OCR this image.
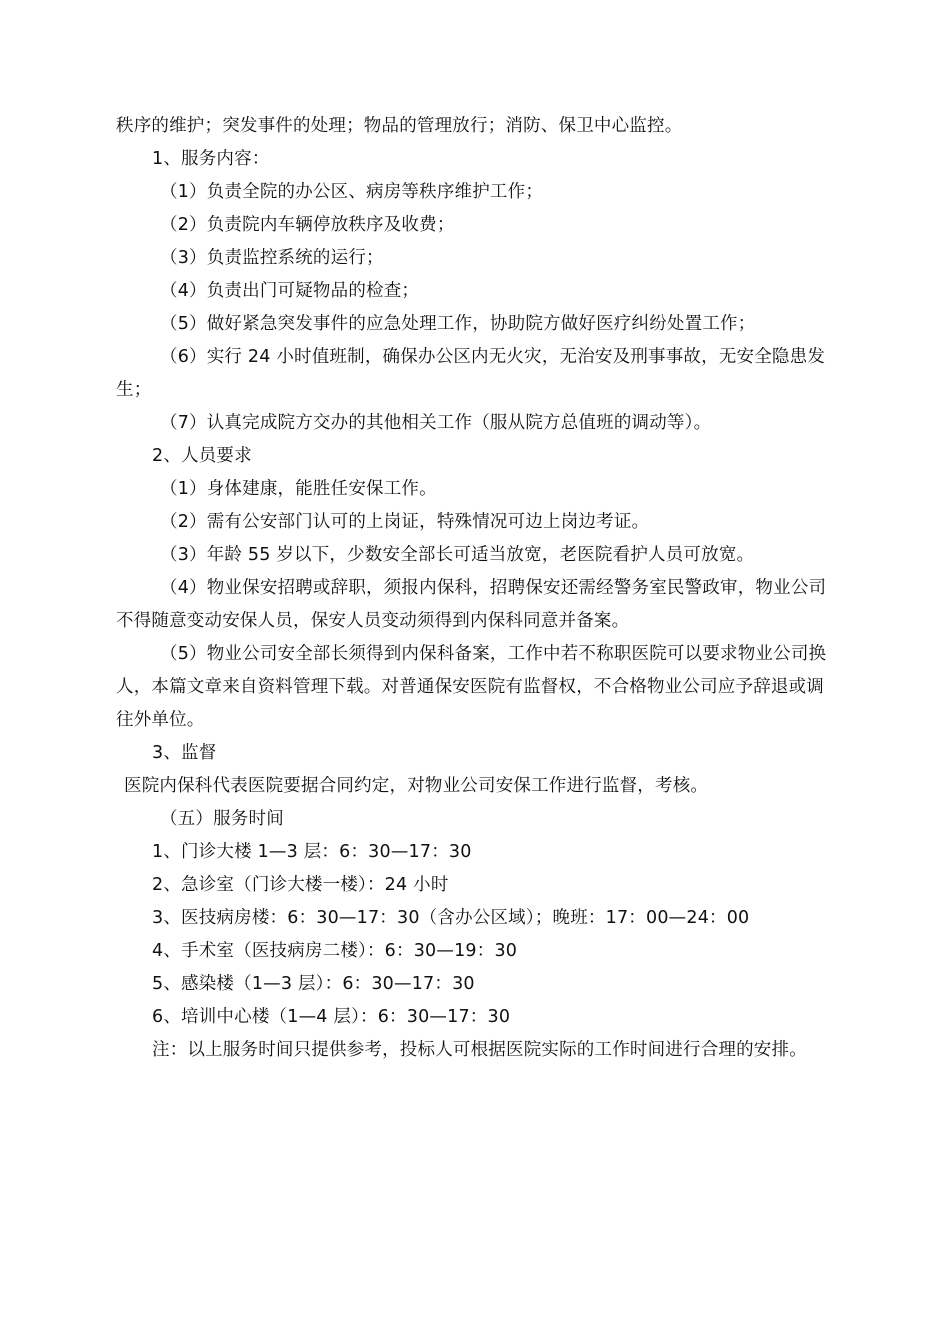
秩序的维护；突发事件的处理；物品的管理放行；消防、保卫中心监控。

1、服务内容：

（1）负责全院的办公区、病房等秩序维护工作；

（2）负责院内车辆停放秩序及收费；

（3）负责监控系统的运行；

（4）负责出门可疑物品的检查；

（5）做好紧急突发事件的应急处理工作，协助院方做好医疗纠纷处置工作；

（6）实行 24 小时值班制，确保办公区内无火灾，无治安及刑事事故，无安全隐患发生；

（7）认真完成院方交办的其他相关工作（服从院方总值班的调动等）。

2、人员要求

（1）身体建康，能胜任安保工作。

（2）需有公安部门认可的上岗证，特殊情况可边上岗边考证。

（3）年龄 55 岁以下，少数安全部长可适当放宽，老医院看护人员可放宽。

（4）物业保安招聘或辞职，须报内保科，招聘保安还需经警务室民警政审，物业公司不得随意变动安保人员，保安人员变动须得到内保科同意并备案。

（5）物业公司安全部长须得到内保科备案，工作中若不称职医院可以要求物业公司换人，本篇文章来自资料管理下载。对普通保安医院有监督权，不合格物业公司应予辞退或调往外单位。

3、监督

医院内保科代表医院要据合同约定，对物业公司安保工作进行监督，考核。

（五）服务时间

1、门诊大楼 1—3 层：6：30—17：30

2、急诊室（门诊大楼一楼）：24 小时

3、医技病房楼：6：30—17：30（含办公区域）；晚班：17：00—24：00

4、手术室（医技病房二楼）：6：30—19：30

5、感染楼（1—3 层）：6：30—17：30

6、培训中心楼（1—4 层）：6：30—17：30

注：以上服务时间只提供参考，投标人可根据医院实际的工作时间进行合理的安排。
